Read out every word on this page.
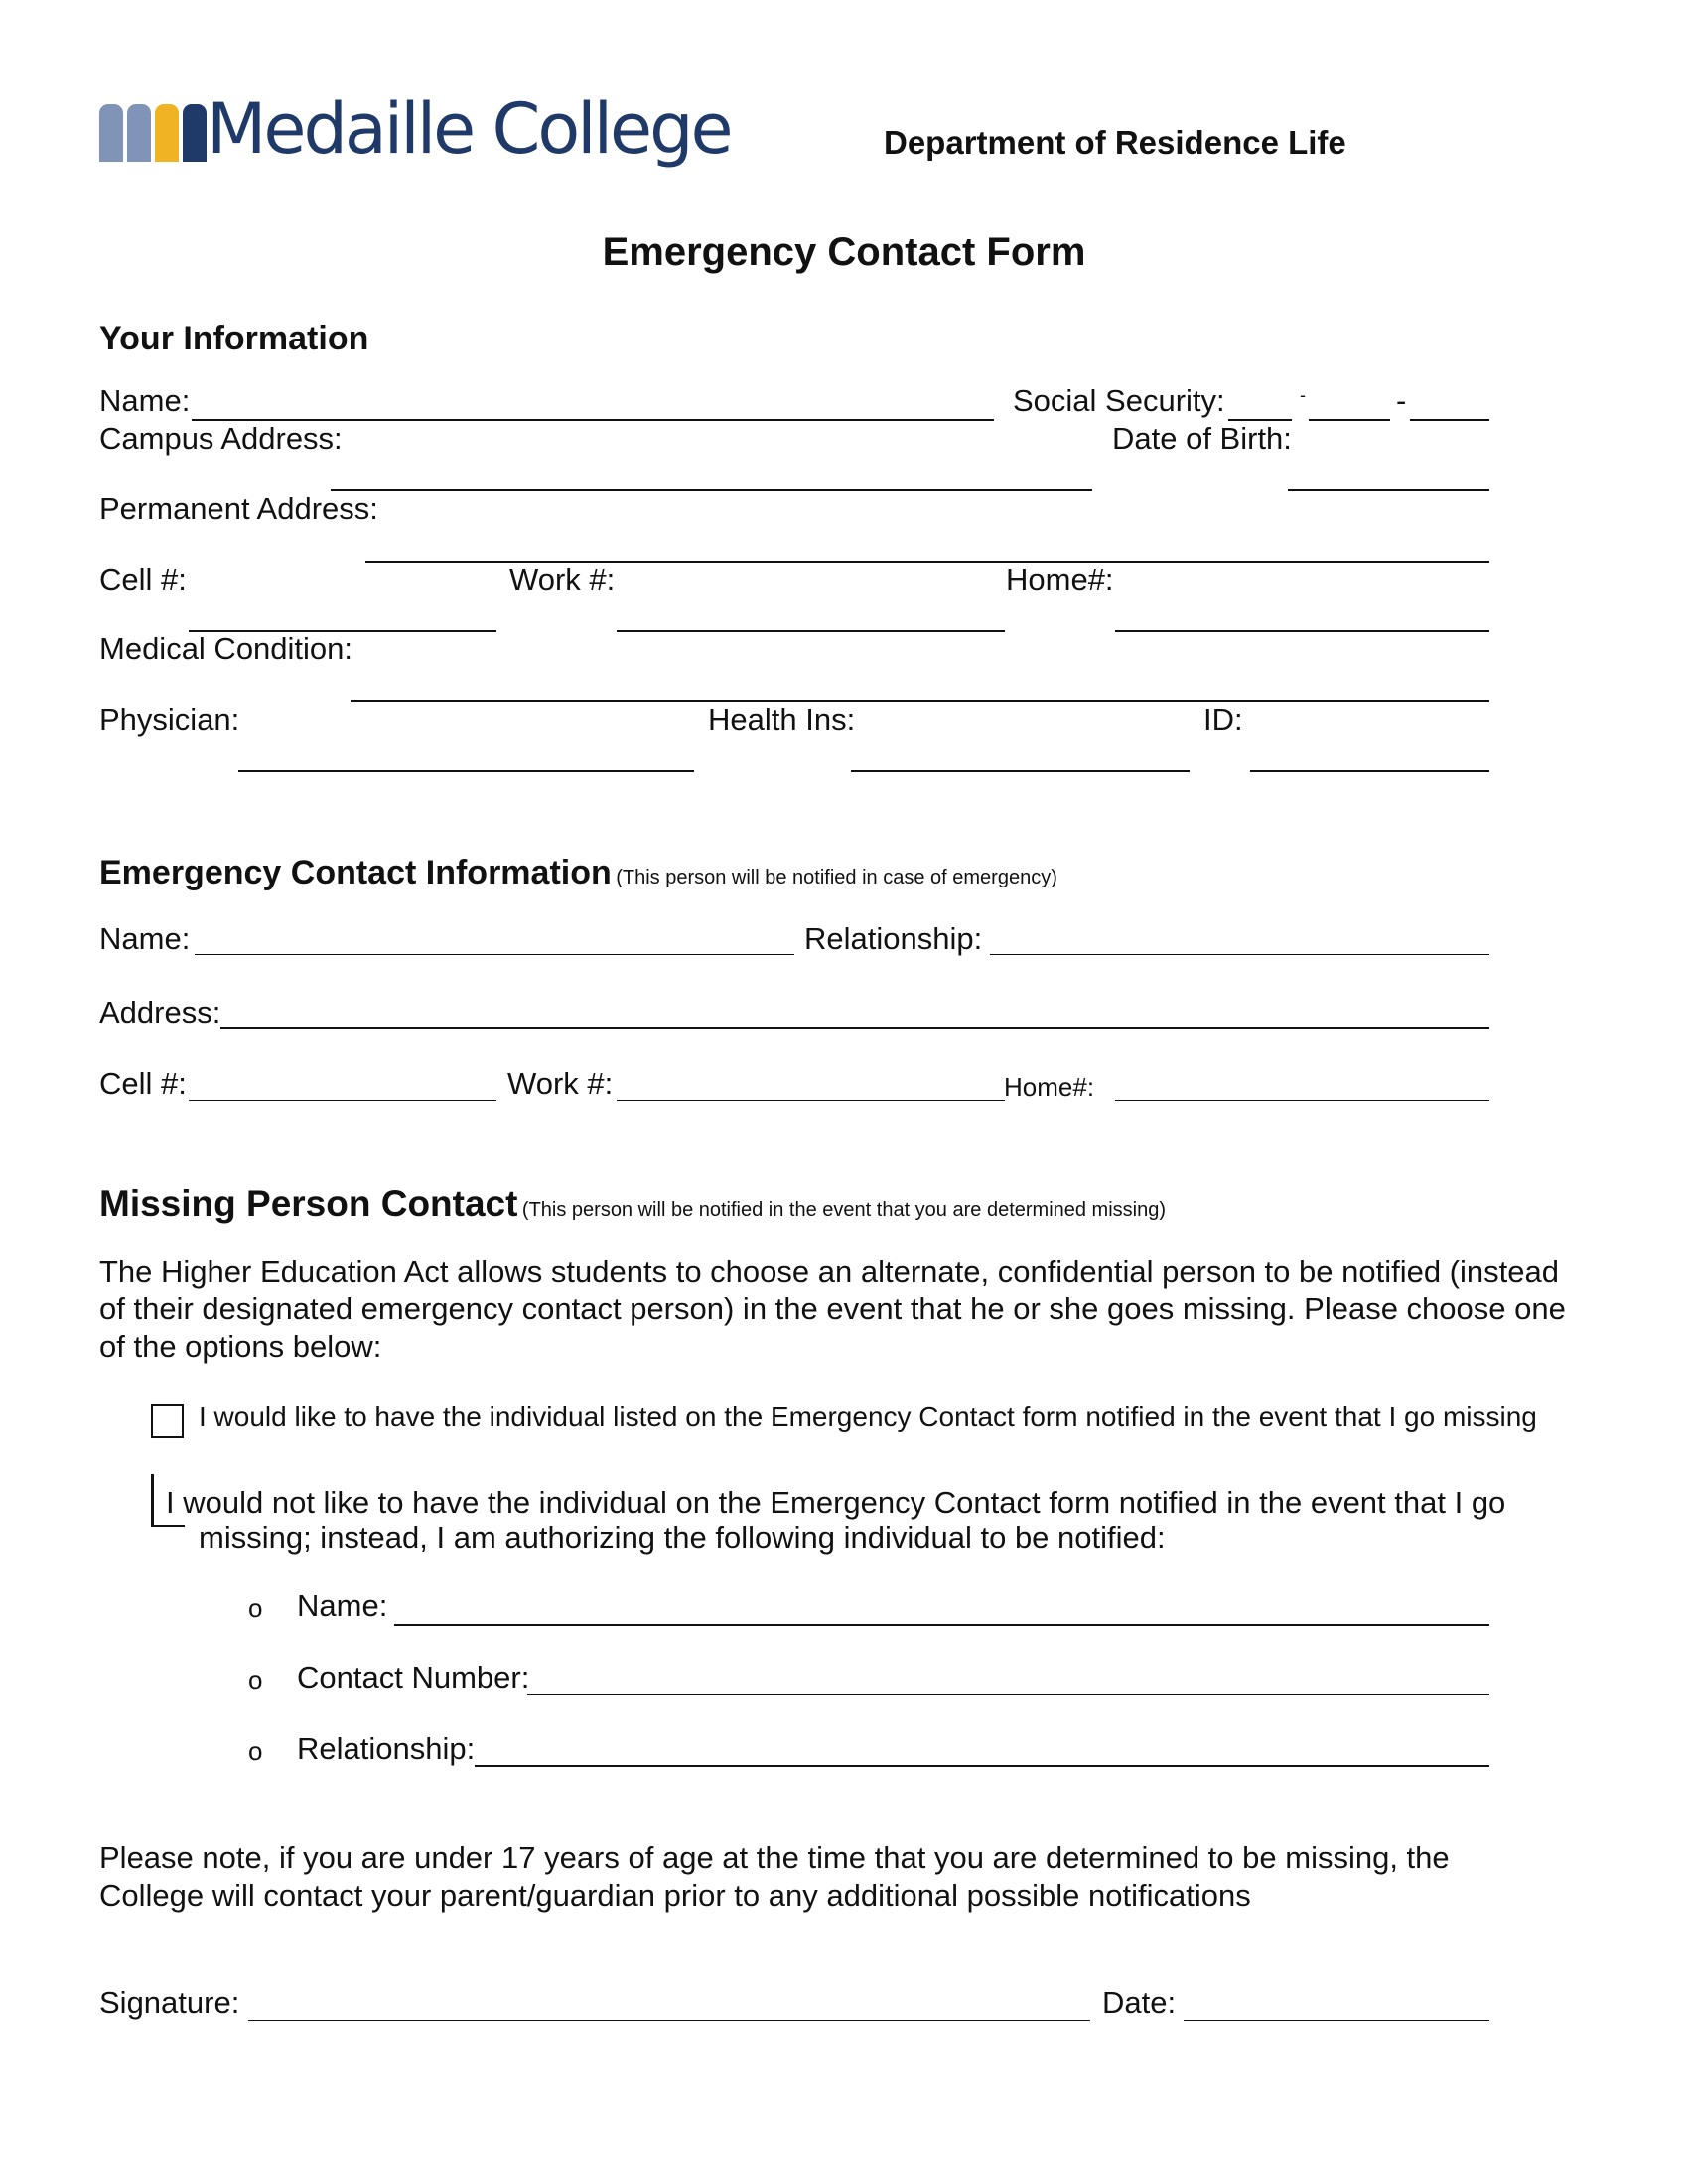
Medaille College	Department of Residence Life
Emergency Contact Form
Your Information
Name:	Social Security:	-	-
Campus Address:	Date of Birth:
Permanent Address:
Cell #:	Work #:	Home#:
Medical Condition:
Physician:	Health Ins:	ID:
Emergency Contact Information (This person will be notified in case of emergency)
Name:	Relationship:
Address:
Cell #:	Work #:	Home#:
Missing Person Contact (This person will be notified in the event that you are determined missing)
The Higher Education Act allows students to choose an alternate, confidential person to be notified (instead of their designated emergency contact person) in the event that he or she goes missing. Please choose one of the options below:
I would like to have the individual listed on the Emergency Contact form notified in the event that I go missing
I would not like to have the individual on the Emergency Contact form notified in the event that I go
missing; instead, I am authorizing the following individual to be notified:
o Name:
o Contact Number:
o Relationship:
Please note, if you are under 17 years of age at the time that you are determined to be missing, the College will contact your parent/guardian prior to any additional possible notifications
Signature:	Date:
